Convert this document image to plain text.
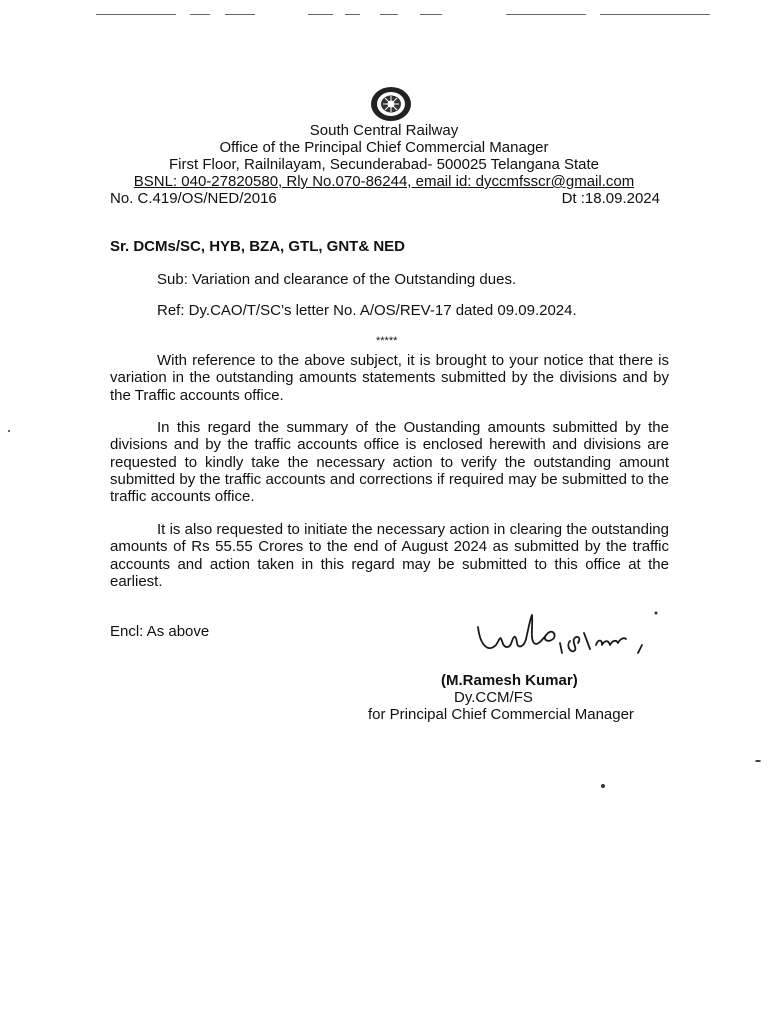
South Central Railway
Office of the Principal Chief Commercial Manager
First Floor, Railnilayam, Secunderabad- 500025 Telangana State
BSNL: 040-27820580, Rly No.070-86244, email id: dyccmfsscr@gmail.com
No. C.419/OS/NED/2016	Dt :18.09.2024
Sr. DCMs/SC, HYB, BZA, GTL, GNT& NED
Sub: Variation and clearance of the Outstanding dues.
Ref: Dy.CAO/T/SC’s letter No. A/OS/REV-17 dated 09.09.2024.
*****

With reference to the above subject, it is brought to your notice that there is variation in the outstanding amounts statements submitted by the divisions and by the Traffic accounts office.

In this regard the summary of the Oustanding amounts submitted by the divisions and by the traffic accounts office is enclosed herewith and divisions are requested to kindly take the necessary action to verify the outstanding amount submitted by the traffic accounts and corrections if required may be submitted to the traffic accounts office.

It is also requested to initiate the necessary action in clearing the outstanding amounts of Rs 55.55 Crores to the end of August 2024 as submitted by the traffic accounts and action taken in this regard may be submitted to this office at the earliest.

Encl: As above
(M.Ramesh Kumar)
Dy.CCM/FS
for Principal Chief Commercial Manager
